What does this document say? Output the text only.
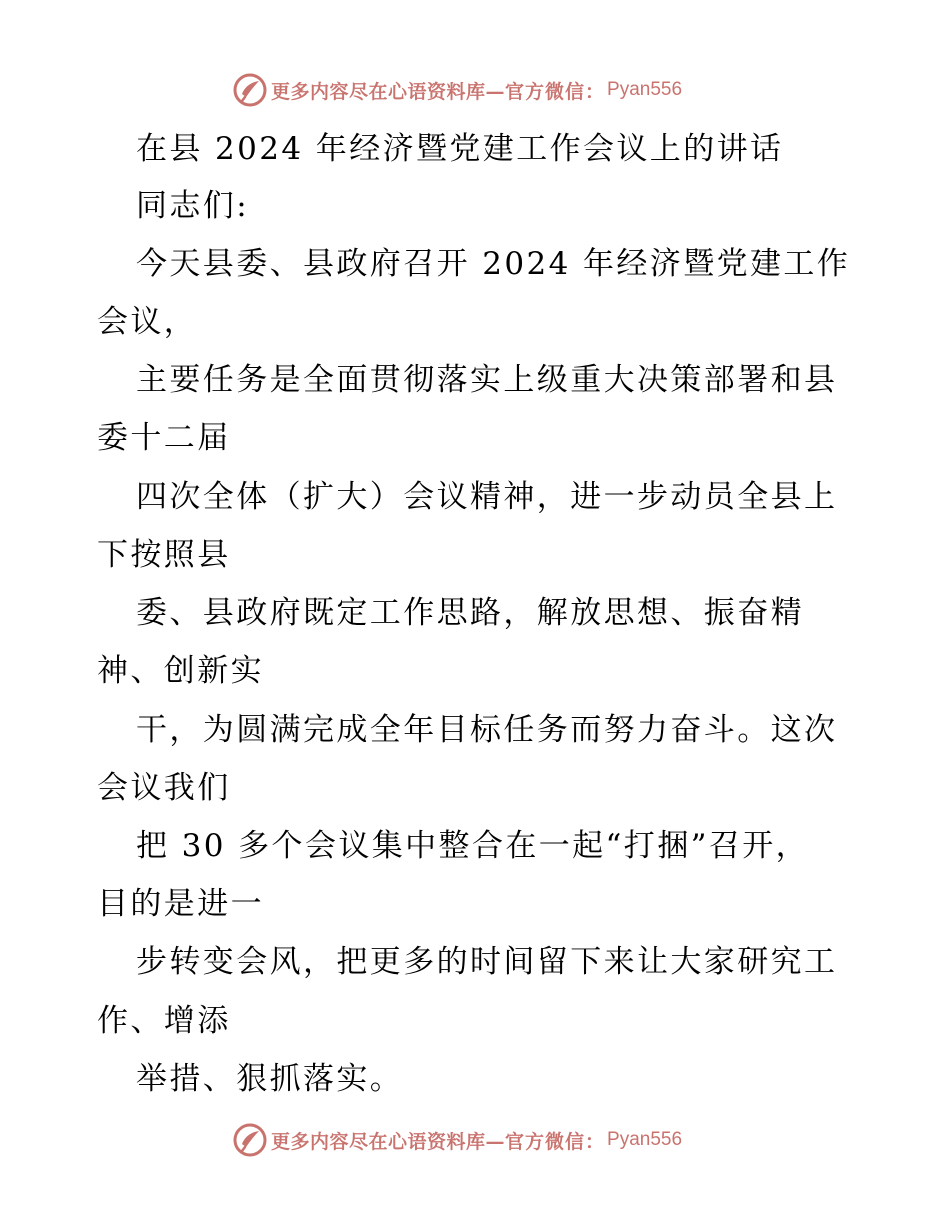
更多内容尽在心语资料库— 官方微信： Pyan556
在县 2024 年经济暨党建工作会议上的讲话
同志们:
今天县委、县政府召开 2024 年经济暨党建工作
会议，
主要任务是全面贯彻落实上级重大决策部署和县
委十二届
四次全体（扩大）会议精神，进一步动员全县上
下按照县
委、县政府既定工作思路，解放思想、振奋精
神、创新实
干，为圆满完成全年目标任务而努力奋斗。这次
会议我们
把 30 多个会议集中整合在一起“打捆”召开，
目的是进一
步转变会风，把更多的时间留下来让大家研究工
作、增添
举措、狠抓落实。
更多内容尽在心语资料库— 官方微信： Pyan556
